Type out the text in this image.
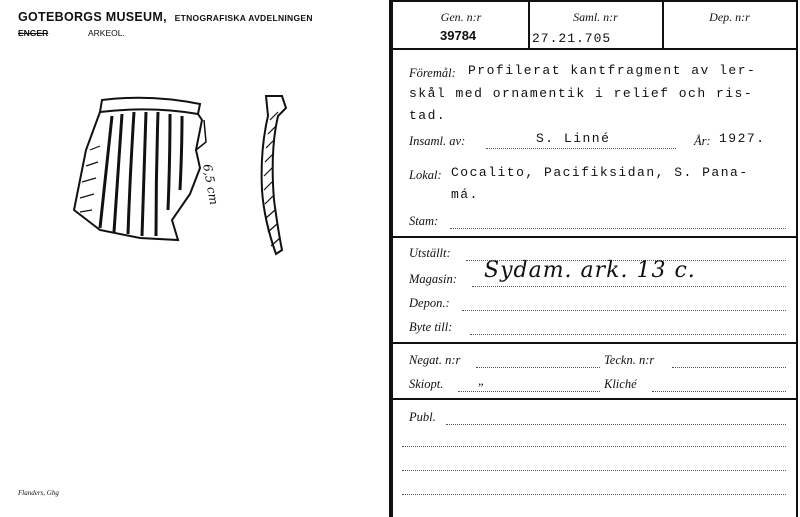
GOTEBORGS MUSEUM, ETNOGRAFISKA AVDELNINGEN
ENGER	ARKEOL.
6,5 cm
Flanders, Gbg
Gen. n:r
39784
Saml. n:r
27.21.705
Dep. n:r
Föremål: Profilerat kantfragment av ler-
skål med ornamentik i relief och ris-
tad.
Insaml. av:	S. Linné	År: 1927.
Lokal: Cocalito, Pacifiksidan, S. Pana-
má.
Stam:
Utställt:
Magasin: Sydam. ark. 13 c.
Depon.:
Byte till:
Negat. n:r	Teckn. n:r
Skiopt.	„	Kliché
Publ.
